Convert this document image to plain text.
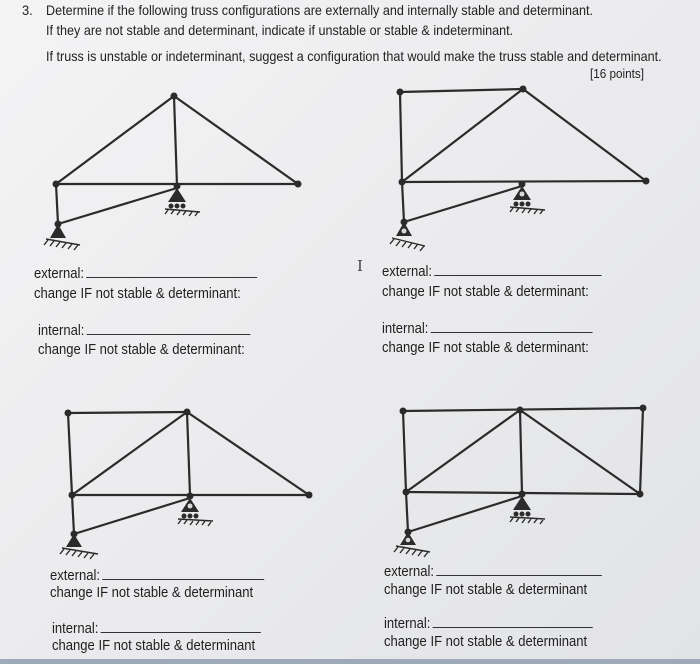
3. Determine if the following truss configurations are externally and internally stable and determinant.
If they are not stable and determinant, indicate if unstable or stable & indeterminant.
If truss is unstable or indeterminant, suggest a configuration that would make the truss stable and determinant.
[16 points]
external:
change IF not stable & determinant:
internal:
change IF not stable & determinant:
I external:
change IF not stable & determinant:
internal:
change IF not stable & determinant:
external:
change IF not stable & determinant
internal:
change IF not stable & determinant
external:
change IF not stable & determinant
internal:
change IF not stable & determinant
